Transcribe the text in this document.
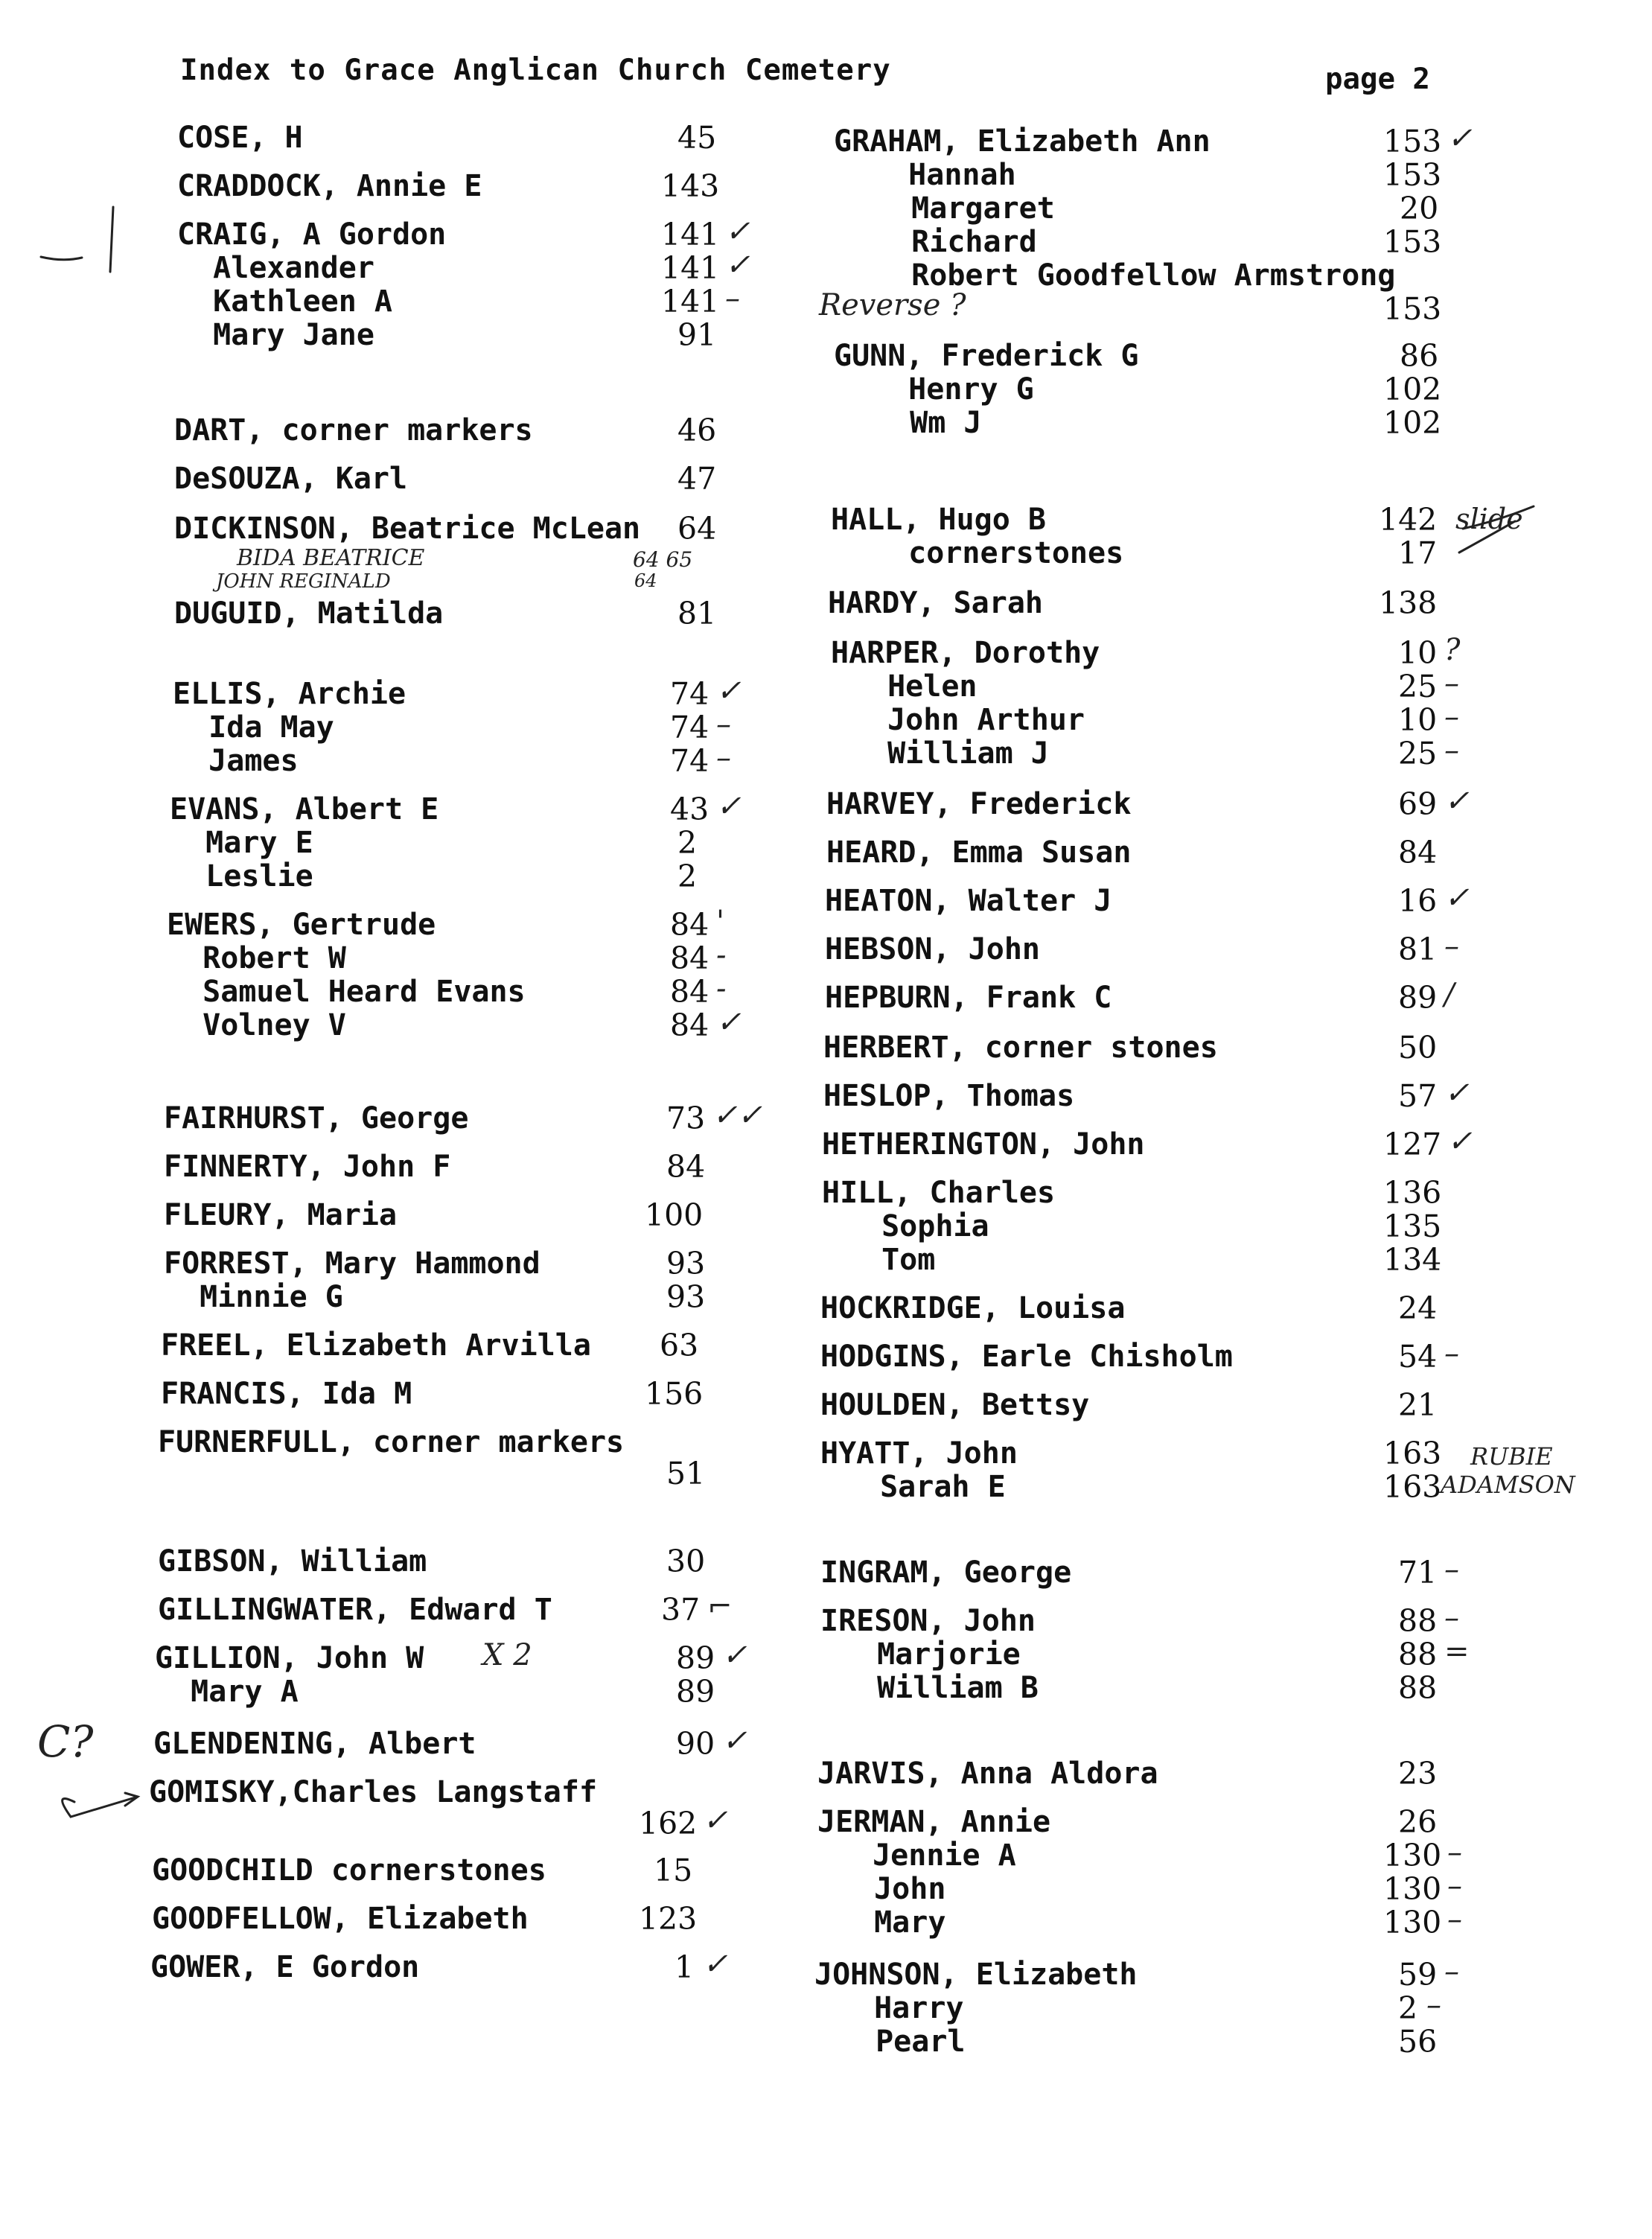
Index to Grace Anglican Church Cemetery	page 2
COSE, H	45
CRADDOCK, Annie E	143
CRAIG, A Gordon	141 ✓
Alexander	141 ✓
Kathleen A	141 –
Mary Jane	91
DART, corner markers	46
DeSOUZA, Karl	47
DICKINSON, Beatrice McLean 64
DUGUID, Matilda	81
ELLIS, Archie	74 ✓
Ida May	74 –
James	74 –
EVANS, Albert E	43 ✓
Mary E	2
Leslie	2
EWERS, Gertrude	84 '
Robert W	84 -
Samuel Heard Evans	84 -
Volney V	84 ✓
FAIRHURST, George	73 ✓✓
FINNERTY, John F	84
FLEURY, Maria	100
FORREST, Mary Hammond	93
Minnie G	93
FREEL, Elizabeth Arvilla 63
FRANCIS, Ida M	156
FURNERFULL, corner markers
51
GIBSON, William	30
GILLINGWATER, Edward T	37 ⌐
GILLION, John W	89 ✓
Mary A	89
GLENDENING, Albert	90 ✓
GOMISKY,Charles Langstaff
162 ✓
GOODCHILD cornerstones	15
GOODFELLOW, Elizabeth	123
GOWER, E Gordon	1 ✓
GRAHAM, Elizabeth Ann	153 ✓
Hannah	153
Margaret	20
Richard	153
Robert Goodfellow Armstrong
153
GUNN, Frederick G	86
Henry G	102
Wm J	102
HALL, Hugo B	142
cornerstones	17
HARDY, Sarah	138
HARPER, Dorothy	10 ?
Helen	25 –
John Arthur	10 –
William J	25 –
HARVEY, Frederick	69 ✓
HEARD, Emma Susan	84
HEATON, Walter J	16 ✓
HEBSON, John	81 –
HEPBURN, Frank C	89 /
HERBERT, corner stones	50
HESLOP, Thomas	57 ✓
HETHERINGTON, John	127 ✓
HILL, Charles	136
Sophia	135
Tom	134
HOCKRIDGE, Louisa	24
HODGINS, Earle Chisholm	54 –
HOULDEN, Bettsy	21
HYATT, John	163
Sarah E	163
INGRAM, George	71 –
IRESON, John	88 –
Marjorie	88 =
William B	88
JARVIS, Anna Aldora	23
JERMAN, Annie	26
Jennie A	130 –
John	130 –
Mary	130 –
JOHNSON, Elizabeth	59 –
Harry	2 –
Pearl	56
BIDA BEATRICE
JOHN REGINALD
64 65
64
X 2
C?
Reverse ?
slide
RUBIE
ADAMSON
